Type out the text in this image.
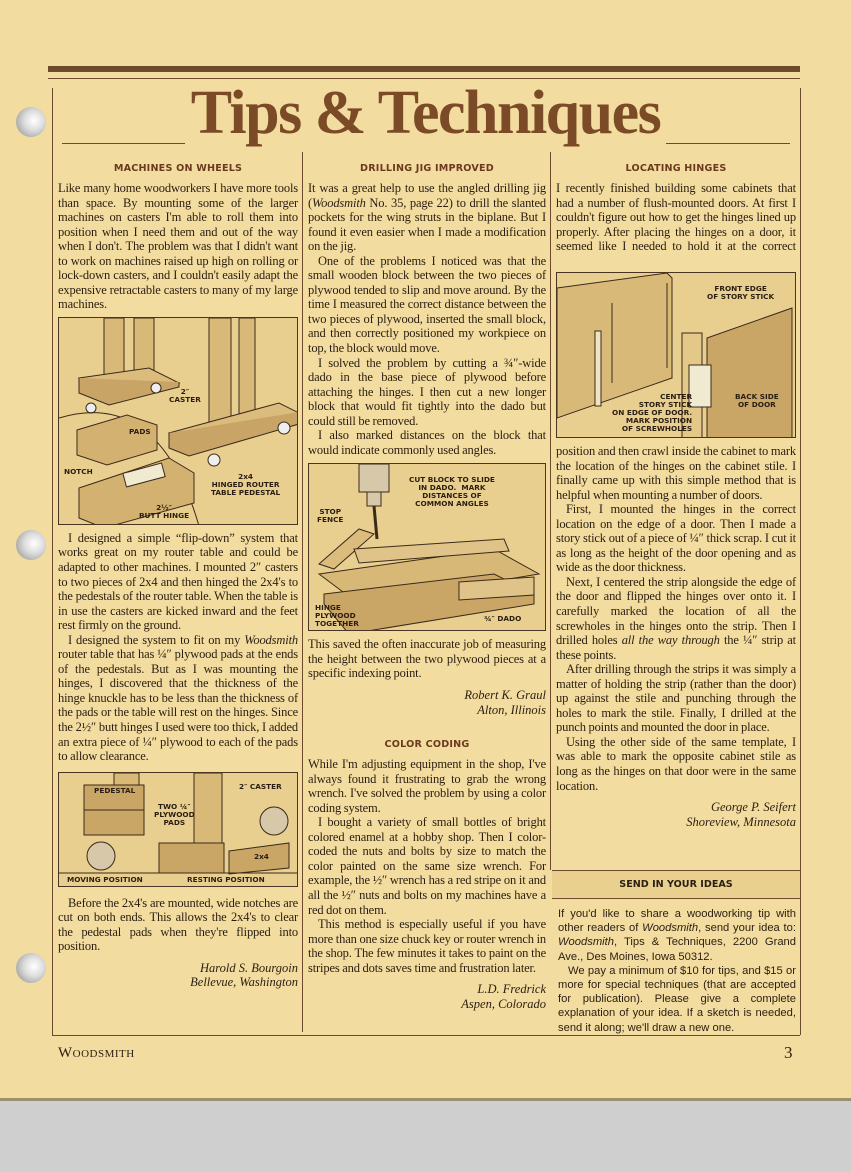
Tips & Techniques
MACHINES ON WHEELS

Like many home woodworkers I have more tools than space. By mounting some of the larger machines on casters I'm able to roll them into position when I need them and out of the way when I don't. The problem was that I didn't want to work on machines raised up high on rolling or lock-down casters, and I couldn't easily adapt the expensive retractable casters to many of my large machines.

2″
CASTER
PADS
NOTCH
2x4
HINGED ROUTER
TABLE PEDESTAL
2½″
BUTT HINGE

I designed a simple “flip-down” system that works great on my router table and could be adapted to other machines. I mounted 2″ casters to two pieces of 2x4 and then hinged the 2x4's to the pedestals of the router table. When the table is in use the casters are kicked inward and the feet rest firmly on the ground.

I designed the system to fit on my Woodsmith router table that has ¼″ plywood pads at the ends of the pedestals. But as I was mounting the hinges, I discovered that the thickness of the hinge knuckle has to be less than the thickness of the pads or the table will rest on the hinges. Since the 2½″ butt hinges I used were too thick, I added an extra piece of ¼″ plywood to each of the pads to allow clearance.

PEDESTAL
TWO ¼″
PLYWOOD
PADS
2″ CASTER
2x4
MOVING POSITION	RESTING POSITION

Before the 2x4's are mounted, wide notches are cut on both ends. This allows the 2x4's to clear the pedestal pads when they're flipped into position.

Harold S. Bourgoin
Bellevue, Washington
DRILLING JIG IMPROVED

It was a great help to use the angled drilling jig (Woodsmith No. 35, page 22) to drill the slanted pockets for the wing struts in the biplane. But I found it even easier when I made a modification on the jig.

One of the problems I noticed was that the small wooden block between the two pieces of plywood tended to slip and move around. By the time I measured the correct distance between the two pieces of plywood, inserted the small block, and then correctly positioned my workpiece on top, the block would move.

I solved the problem by cutting a ¾″-wide dado in the base piece of plywood before attaching the hinges. I then cut a new longer block that would fit tightly into the dado but could still be removed.

I also marked distances on the block that would indicate commonly used angles.

CUT BLOCK TO SLIDE
IN DADO.  MARK
DISTANCES OF
COMMON ANGLES
STOP
FENCE
HINGE
PLYWOOD
TOGETHER
¾″ DADO

This saved the often inaccurate job of measuring the height between the two plywood pieces at a specific indexing point.

Robert K. Graul
Alton, Illinois
COLOR CODING

While I'm adjusting equipment in the shop, I've always found it frustrating to grab the wrong wrench. I've solved the problem by using a color coding system.

I bought a variety of small bottles of bright colored enamel at a hobby shop. Then I color-coded the nuts and bolts by size to match the color painted on the same size wrench. For example, the ½″ wrench has a red stripe on it and all the ½″ nuts and bolts on my machines have a red dot on them.

This method is especially useful if you have more than one size chuck key or router wrench in the shop. The few minutes it takes to paint on the stripes and dots saves time and frustration later.

L.D. Fredrick
Aspen, Colorado
LOCATING HINGES
FRONT EDGE
OF STORY STICK
CENTER
STORY STICK
ON EDGE OF DOOR.
MARK POSITION
OF SCREWHOLES
BACK SIDE
OF DOOR
I recently finished building some cabinets that had a number of flush-mounted doors. At first I couldn't figure out how to get the hinges lined up properly. After placing the hinges on a door, it seemed like I needed to hold it at the correct position and then crawl inside the cabinet to mark the location of the hinges on the cabinet stile. I finally came up with this simple method that is helpful when mounting a number of doors.

First, I mounted the hinges in the correct location on the edge of a door. Then I made a story stick out of a piece of ¼″ thick scrap. I cut it as long as the height of the door opening and as wide as the door thickness.

Next, I centered the strip alongside the edge of the door and flipped the hinges over onto it. I carefully marked the location of all the screwholes in the hinges onto the strip. Then I drilled holes all the way through the ¼″ strip at these points.

After drilling through the strips it was simply a matter of holding the strip (rather than the door) up against the stile and punching through the holes to mark the stile. Finally, I drilled at the punch points and mounted the door in place.

Using the other side of the same template, I was able to mark the opposite cabinet stile as long as the hinges on that door were in the same location.

George P. Seifert
Shoreview, Minnesota
SEND IN YOUR IDEAS

If you'd like to share a woodworking tip with other readers of Woodsmith, send your idea to: Woodsmith, Tips & Techniques, 2200 Grand Ave., Des Moines, Iowa 50312.

We pay a minimum of $10 for tips, and $15 or more for special techniques (that are accepted for publication). Please give a complete explanation of your idea. If a sketch is needed, send it along; we'll draw a new one.

Woodsmith	3
